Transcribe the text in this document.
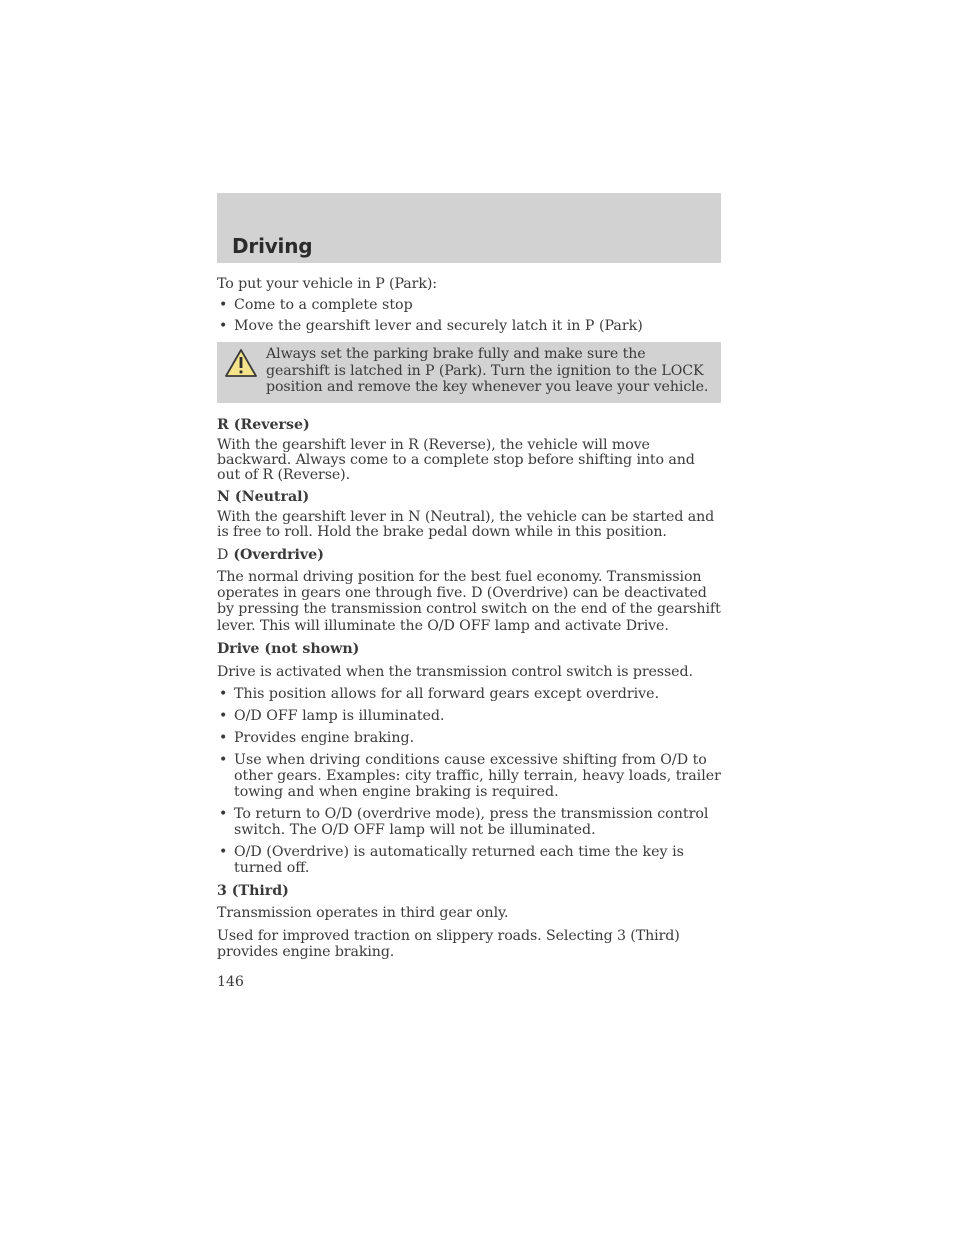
Driving

To put your vehicle in P (Park):

• Come to a complete stop
• Move the gearshift lever and securely latch it in P (Park)

Always set the parking brake fully and make sure the gearshift is latched in P (Park). Turn the ignition to the LOCK position and remove the key whenever you leave your vehicle.

R (Reverse)

With the gearshift lever in R (Reverse), the vehicle will move backward. Always come to a complete stop before shifting into and out of R (Reverse).

N (Neutral)

With the gearshift lever in N (Neutral), the vehicle can be started and is free to roll. Hold the brake pedal down while in this position.

D (Overdrive)

The normal driving position for the best fuel economy. Transmission operates in gears one through five. D (Overdrive) can be deactivated by pressing the transmission control switch on the end of the gearshift lever. This will illuminate the O/D OFF lamp and activate Drive.

Drive (not shown)

Drive is activated when the transmission control switch is pressed.

• This position allows for all forward gears except overdrive.
• O/D OFF lamp is illuminated.
• Provides engine braking.
• Use when driving conditions cause excessive shifting from O/D to other gears. Examples: city traffic, hilly terrain, heavy loads, trailer towing and when engine braking is required.
• To return to O/D (overdrive mode), press the transmission control switch. The O/D OFF lamp will not be illuminated.
• O/D (Overdrive) is automatically returned each time the key is turned off.
3 (Third)

Transmission operates in third gear only.

Used for improved traction on slippery roads. Selecting 3 (Third) provides engine braking.

146
